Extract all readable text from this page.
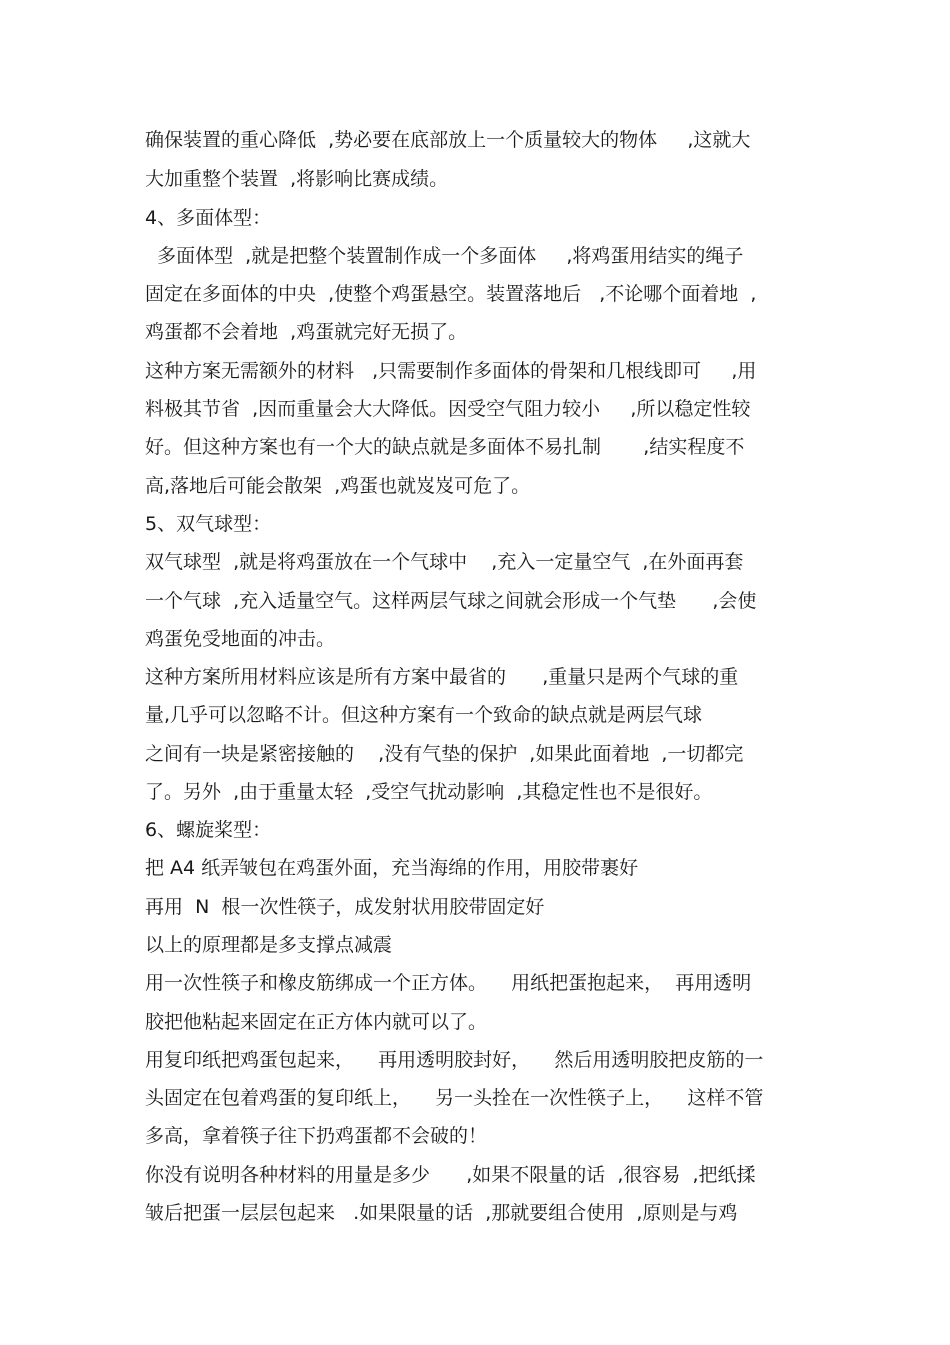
确保装置的重心降低  ,势必要在底部放上一个质量较大的物体     ,这就大
大加重整个装置  ,将影响比赛成绩。
4、多面体型：
多面体型  ,就是把整个装置制作成一个多面体     ,将鸡蛋用结实的绳子
固定在多面体的中央  ,使整个鸡蛋悬空。装置落地后   ,不论哪个面着地  ,
鸡蛋都不会着地  ,鸡蛋就完好无损了。
这种方案无需额外的材料   ,只需要制作多面体的骨架和几根线即可     ,用
料极其节省  ,因而重量会大大降低。因受空气阻力较小     ,所以稳定性较
好。但这种方案也有一个大的缺点就是多面体不易扎制       ,结实程度不
高,落地后可能会散架  ,鸡蛋也就岌岌可危了。
5、双气球型：
双气球型  ,就是将鸡蛋放在一个气球中    ,充入一定量空气  ,在外面再套
一个气球  ,充入适量空气。这样两层气球之间就会形成一个气垫      ,会使
鸡蛋免受地面的冲击。
这种方案所用材料应该是所有方案中最省的      ,重量只是两个气球的重
量,几乎可以忽略不计。但这种方案有一个致命的缺点就是两层气球
之间有一块是紧密接触的    ,没有气垫的保护  ,如果此面着地  ,一切都完
了。另外  ,由于重量太轻  ,受空气扰动影响  ,其稳定性也不是很好。
6、螺旋桨型：
把 A4 纸弄皱包在鸡蛋外面，充当海绵的作用，用胶带裹好
再用  N  根一次性筷子，成发射状用胶带固定好
以上的原理都是多支撑点减震
用一次性筷子和橡皮筋绑成一个正方体。    用纸把蛋抱起来，  再用透明
胶把他粘起来固定在正方体内就可以了。
用复印纸把鸡蛋包起来，    再用透明胶封好，    然后用透明胶把皮筋的一
头固定在包着鸡蛋的复印纸上，    另一头拴在一次性筷子上，    这样不管
多高，拿着筷子往下扔鸡蛋都不会破的！
你没有说明各种材料的用量是多少      ,如果不限量的话  ,很容易  ,把纸揉
皱后把蛋一层层包起来   .如果限量的话  ,那就要组合使用  ,原则是与鸡
